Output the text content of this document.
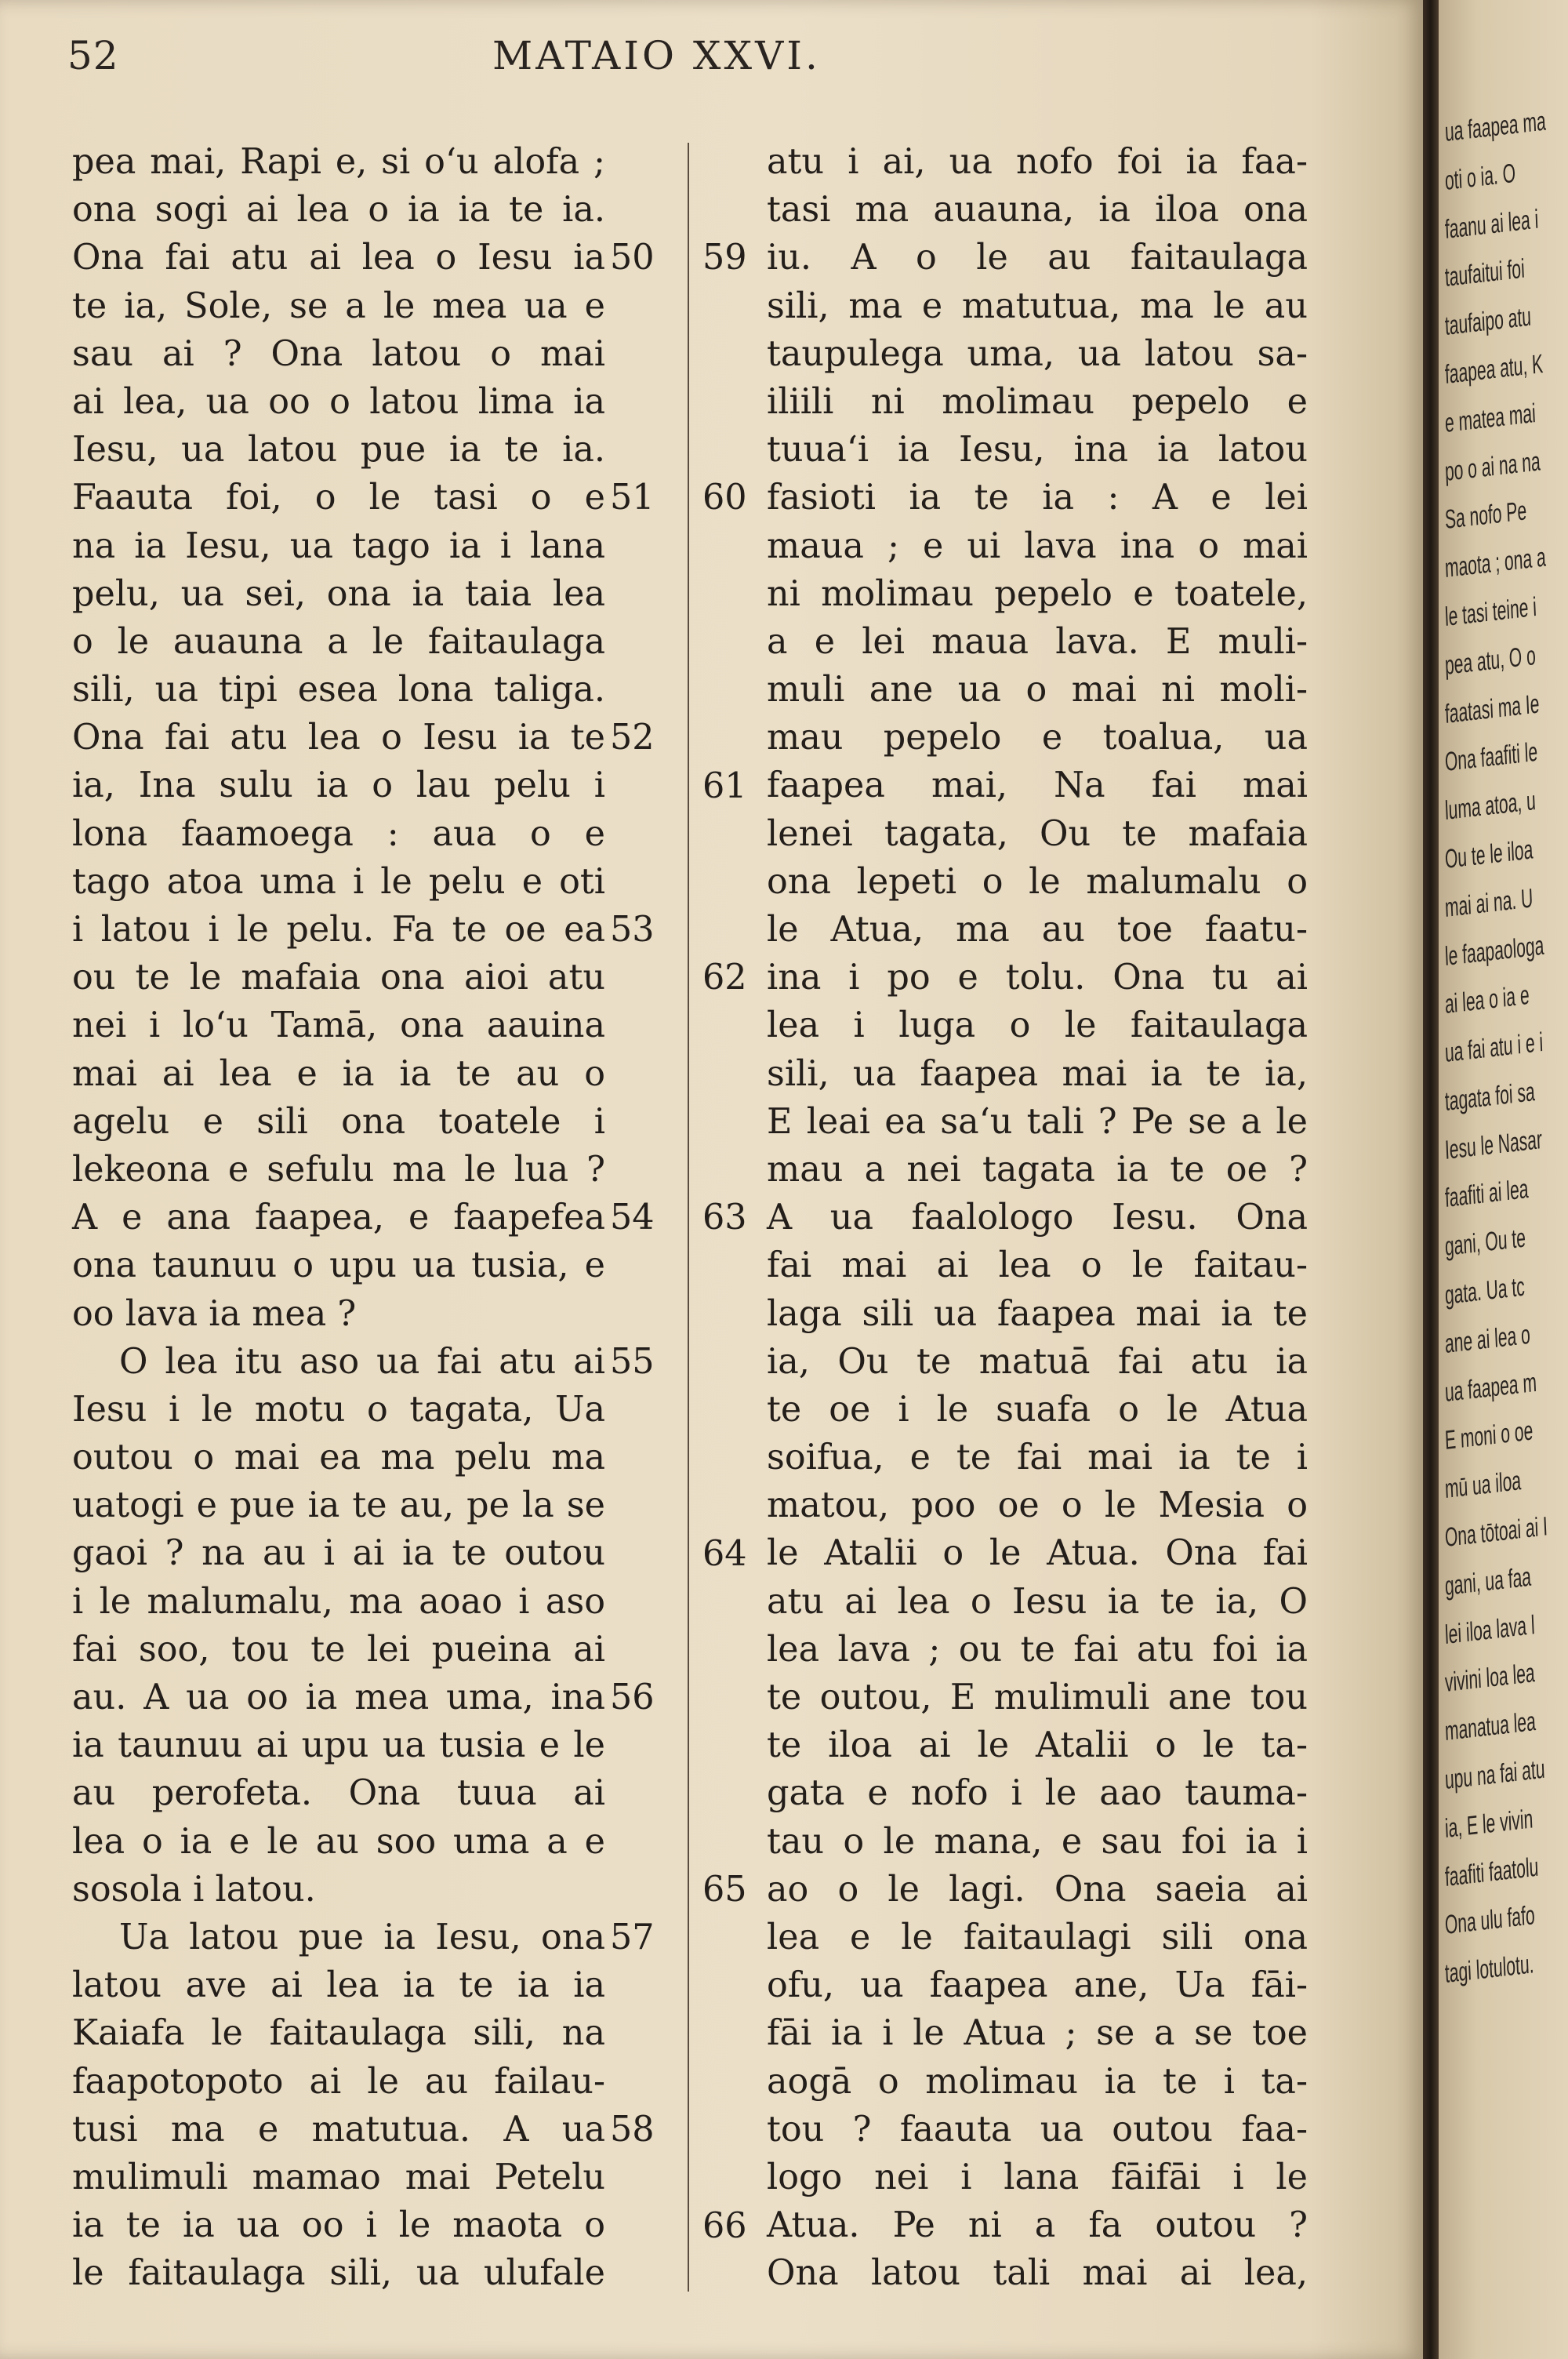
52	MATAIO XXVI.
pea mai, Rapi e, si o‘u alofa ;
ona sogi ai lea o ia ia te ia.
Ona fai atu ai lea o Iesu ia
te ia, Sole, se a le mea ua e
sau ai ? Ona latou o mai
ai lea, ua oo o latou lima ia
Iesu, ua latou pue ia te ia.
Faauta foi, o le tasi o e
na ia Iesu, ua tago ia i lana
pelu, ua sei, ona ia taia lea
o le auauna a le faitaulaga
sili, ua tipi esea lona taliga.
Ona fai atu lea o Iesu ia te
ia, Ina sulu ia o lau pelu i
lona faamoega : aua o e
tago atoa uma i le pelu e oti
i latou i le pelu. Fa te oe ea
ou te le mafaia ona aioi atu
nei i lo‘u Tamā, ona aauina
mai ai lea e ia ia te au o
agelu e sili ona toatele i
lekeona e sefulu ma le lua ?
A e ana faapea, e faapefea
ona taunuu o upu ua tusia, e
oo lava ia mea ?
O lea itu aso ua fai atu ai
Iesu i le motu o tagata, Ua
outou o mai ea ma pelu ma
uatogi e pue ia te au, pe la se
gaoi ? na au i ai ia te outou
i le malumalu, ma aoao i aso
fai soo, tou te lei pueina ai
au. A ua oo ia mea uma, ina
ia taunuu ai upu ua tusia e le
au perofeta. Ona tuua ai
lea o ia e le au soo uma a e
sosola i latou.
Ua latou pue ia Iesu, ona
latou ave ai lea ia te ia ia
Kaiafa le faitaulaga sili, na
faapotopoto ai le au failau-
tusi ma e matutua. A ua
mulimuli mamao mai Petelu
ia te ia ua oo i le maota o
le faitaulaga sili, ua ulufale
50
51
52
53
54
55
56
57
58
atu i ai, ua nofo foi ia faa-
tasi ma auauna, ia iloa ona
iu. A o le au faitaulaga
sili, ma e matutua, ma le au
taupulega uma, ua latou sa-
iliili ni molimau pepelo e
tuua‘i ia Iesu, ina ia latou
fasioti ia te ia : A e lei
maua ; e ui lava ina o mai
ni molimau pepelo e toatele,
a e lei maua lava. E muli-
muli ane ua o mai ni moli-
mau pepelo e toalua, ua
faapea mai, Na fai mai
lenei tagata, Ou te mafaia
ona lepeti o le malumalu o
le Atua, ma au toe faatu-
ina i po e tolu. Ona tu ai
lea i luga o le faitaulaga
sili, ua faapea mai ia te ia,
E leai ea sa‘u tali ? Pe se a le
mau a nei tagata ia te oe ?
A ua faalologo Iesu. Ona
fai mai ai lea o le faitau-
laga sili ua faapea mai ia te
ia, Ou te matuā fai atu ia
te oe i le suafa o le Atua
soifua, e te fai mai ia te i
matou, poo oe o le Mesia o
le Atalii o le Atua. Ona fai
atu ai lea o Iesu ia te ia, O
lea lava ; ou te fai atu foi ia
te outou, E mulimuli ane tou
te iloa ai le Atalii o le ta-
gata e nofo i le aao tauma-
tau o le mana, e sau foi ia i
ao o le lagi. Ona saeia ai
lea e le faitaulagi sili ona
ofu, ua faapea ane, Ua fāi-
fāi ia i le Atua ; se a se toe
aogā o molimau ia te i ta-
tou ? faauta ua outou faa-
logo nei i lana fāifāi i le
Atua. Pe ni a fa outou ?
Ona latou tali mai ai lea,
59
60
61
62
63
64
65
66
ua faapea ma
oti o ia. O
faanu ai lea i
taufaitui foi
taufaipo atu
faapea atu, K
e matea mai
po o ai na na
Sa nofo Pe
maota ; ona a
le tasi teine i
pea atu, O o
faatasi ma Ie
Ona faafiti le
luma atoa, u
Ou te le iloa
mai ai na. U
le faapaologa
ai lea o ia e
ua fai atu i e i
tagata foi sa
Iesu le Nasar
faafiti ai lea
gani, Ou te
gata. Ua tc
ane ai lea o
ua faapea m
E moni o oe
mū ua iloa
Ona tōtoai ai I
gani, ua faa
lei iloa lava l
vivini loa lea
manatua lea
upu na fai atu
ia, E le vivin
faafiti faatolu
Ona ulu fafo
tagi lotulotu.
